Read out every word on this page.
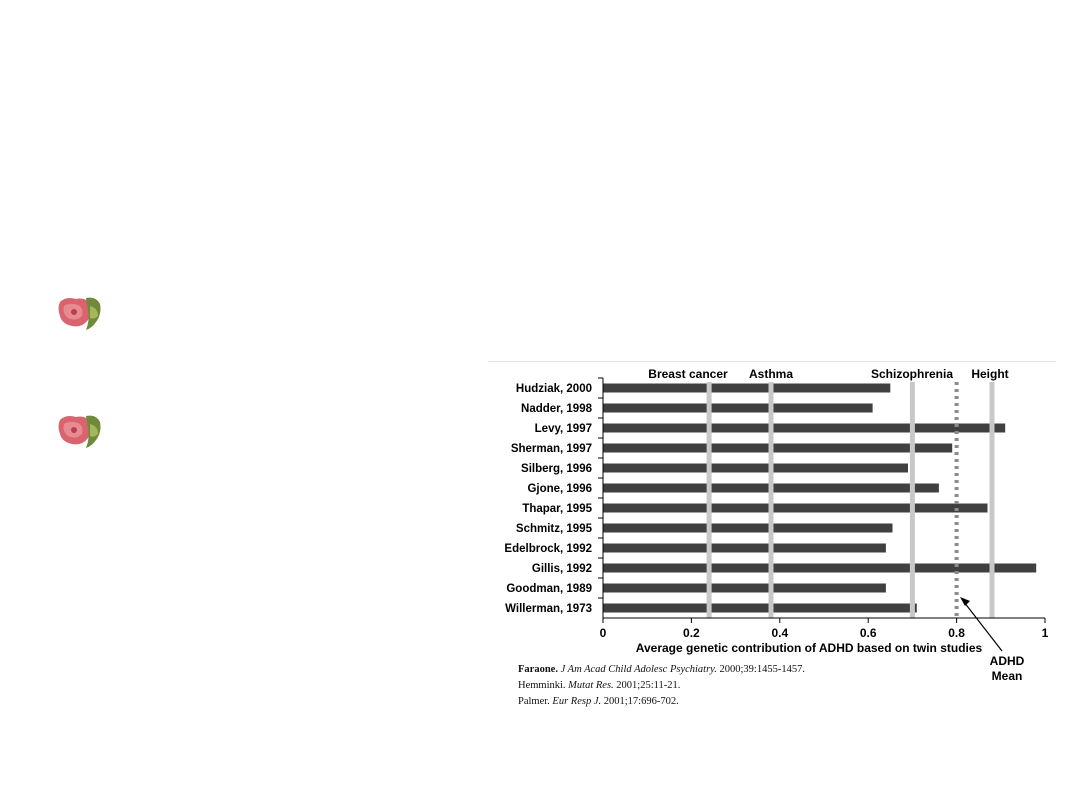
Hudziak, 2000
Nadder, 1998
Levy, 1997
Sherman, 1997
Silberg, 1996
Gjone, 1996
Thapar, 1995
Schmitz, 1995
Edelbrock, 1992
Gillis, 1992
Goodman, 1989
Willerman, 1973
Breast cancer Asthma	Schizophrenia Height
0	0.2	0.4	0.6	0.8	1
Average genetic contribution of ADHD based on twin studies
ADHD
Mean
Faraone. J Am Acad Child Adolesc Psychiatry. 2000;39:1455-1457.
Hemminki. Mutat Res. 2001;25:11-21.
Palmer. Eur Resp J. 2001;17:696-702.
